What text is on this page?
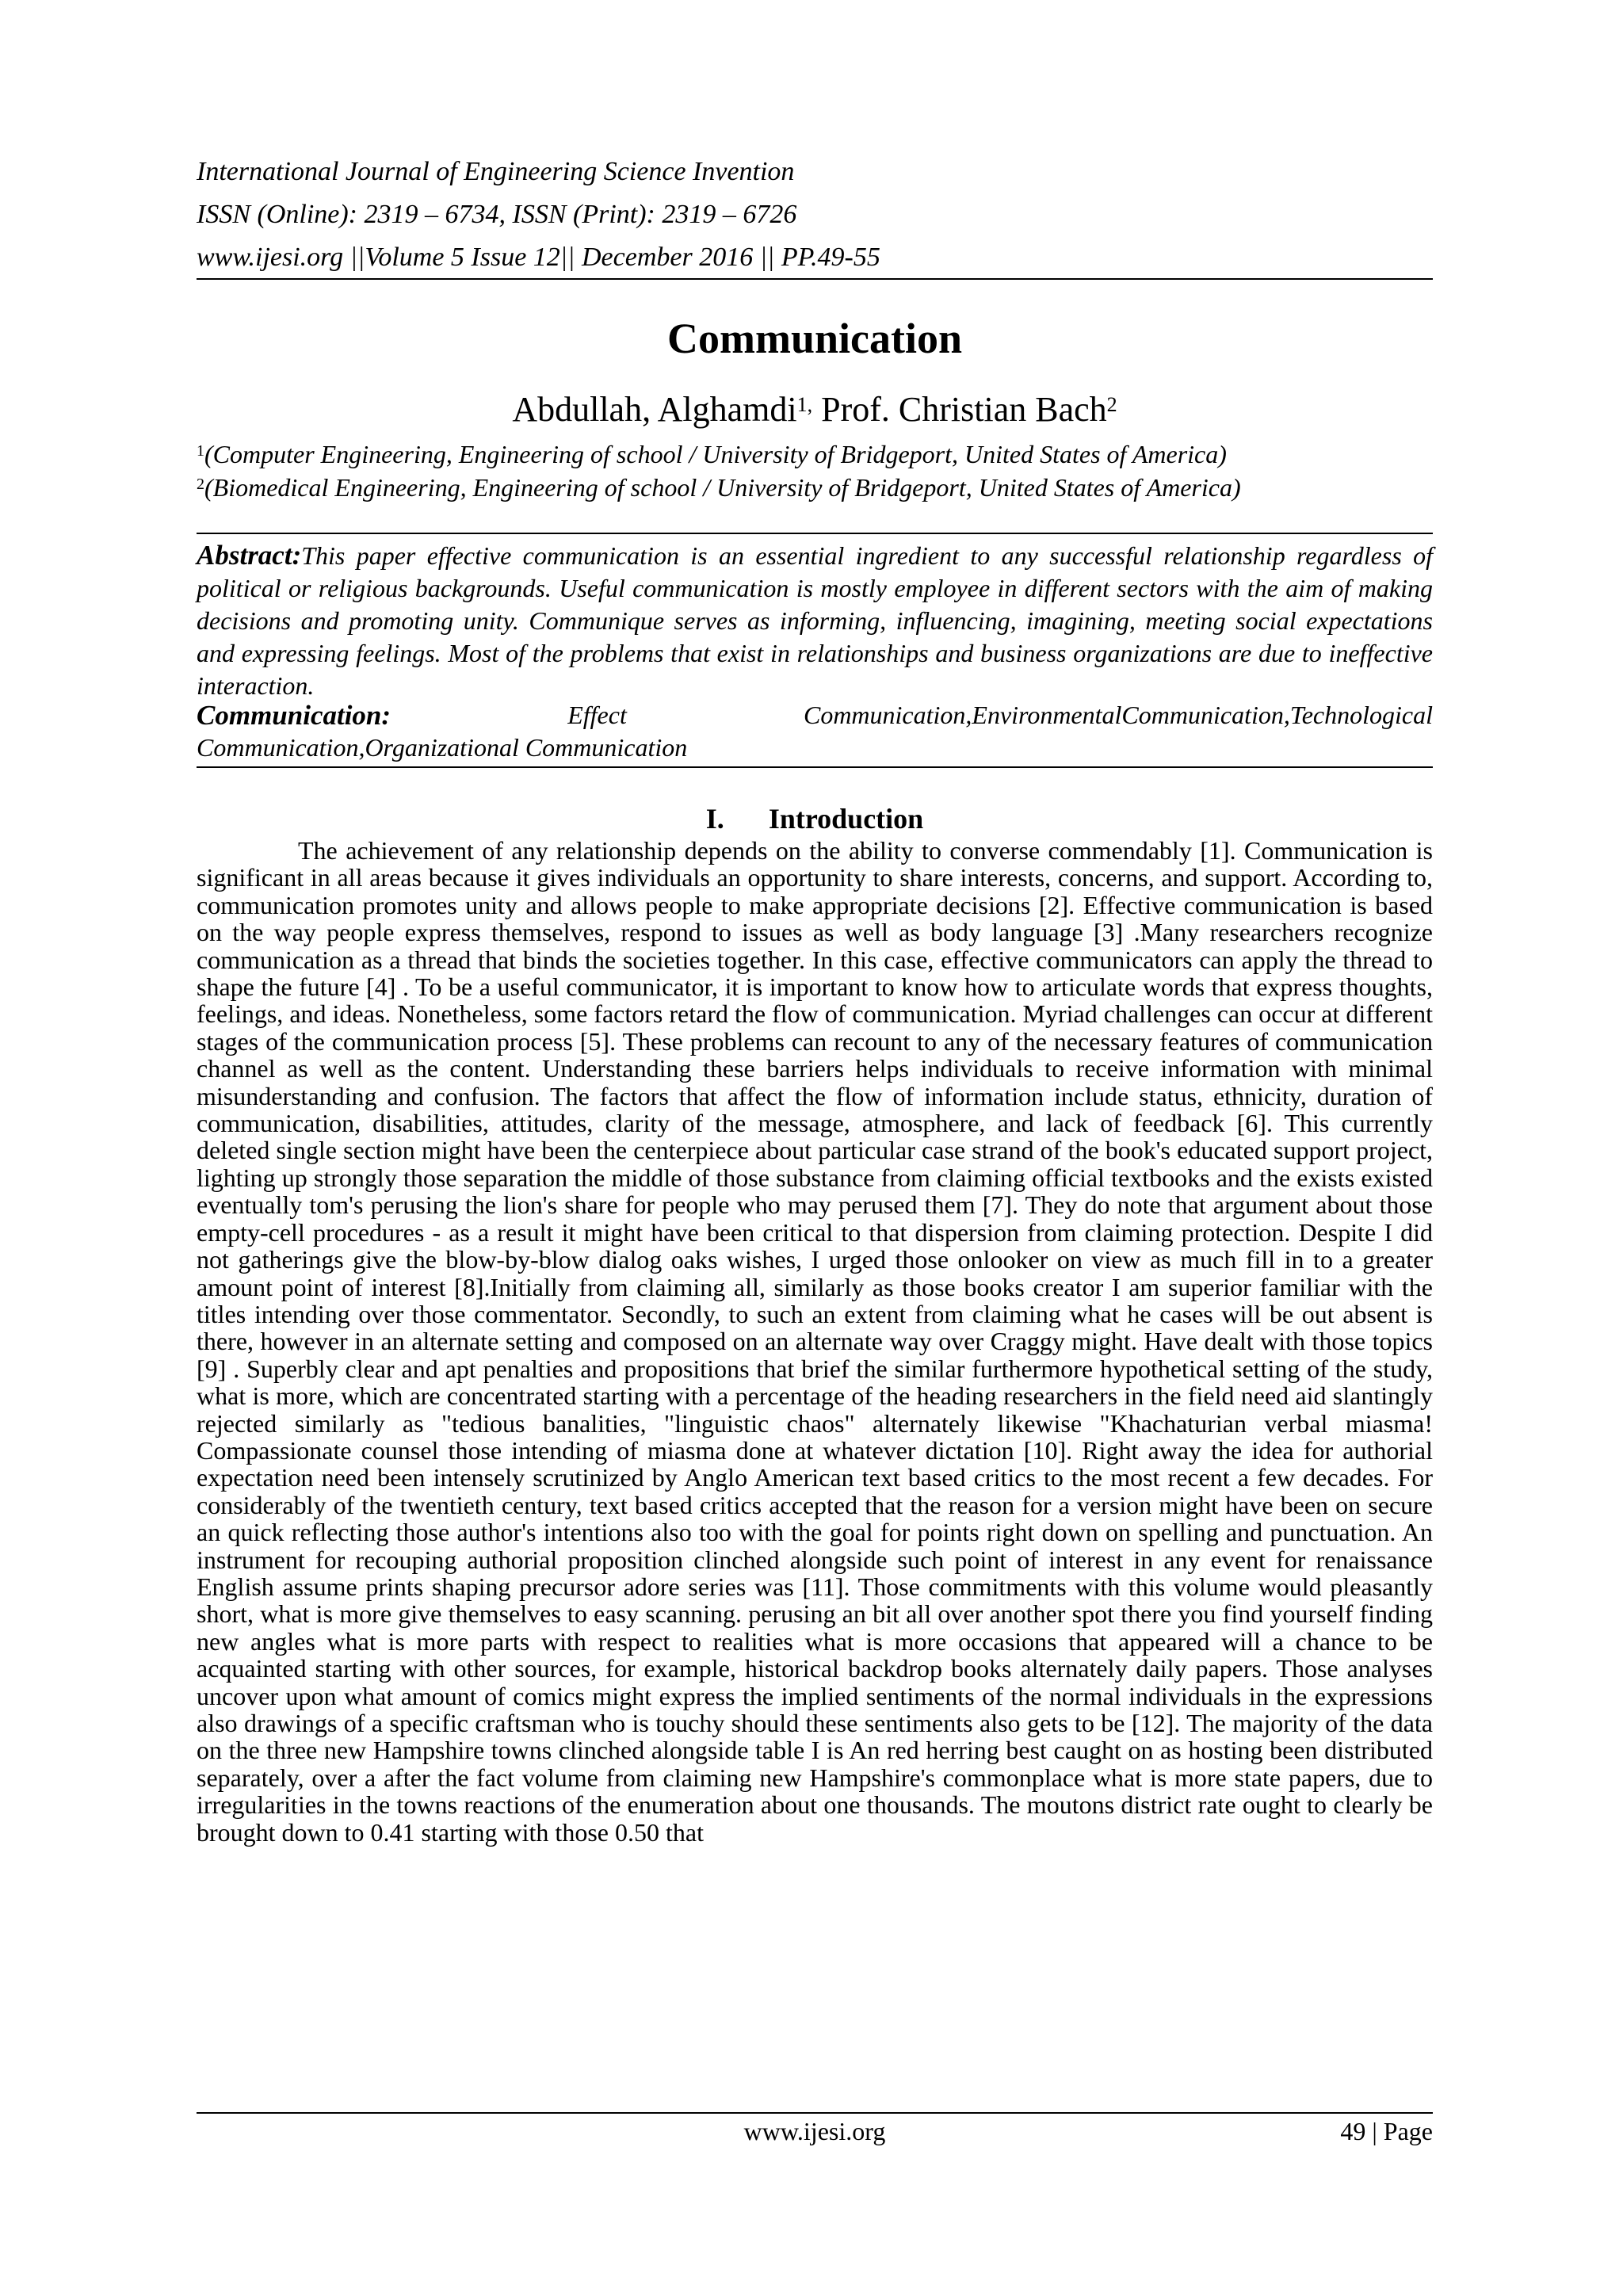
International Journal of Engineering Science Invention
ISSN (Online): 2319 – 6734, ISSN (Print): 2319 – 6726
www.ijesi.org ||Volume 5 Issue 12|| December 2016 || PP.49-55
Communication
Abdullah, Alghamdi$^{1,}$ Prof. Christian Bach$^2$
$^1$(Computer Engineering, Engineering of school / University of Bridgeport, United States of America)
$^2$(Biomedical Engineering, Engineering of school / University of Bridgeport, United States of America)
Abstract:This paper effective communication is an essential ingredient to any successful relationship regardless of political or religious backgrounds. Useful communication is mostly employee in different sectors with the aim of making decisions and promoting unity. Communique serves as informing, influencing, imagining, meeting social expectations and expressing feelings. Most of the problems that exist in relationships and business organizations are due to ineffective interaction.
Communication:	Effect	Communication,EnvironmentalCommunication,Technological
Communication,Organizational Communication
I. Introduction
The achievement of any relationship depends on the ability to converse commendably [1]. Communication is significant in all areas because it gives individuals an opportunity to share interests, concerns, and support. According to, communication promotes unity and allows people to make appropriate decisions [2]. Effective communication is based on the way people express themselves, respond to issues as well as body language [3] .Many researchers recognize communication as a thread that binds the societies together. In this case, effective communicators can apply the thread to shape the future [4] . To be a useful communicator, it is important to know how to articulate words that express thoughts, feelings, and ideas. Nonetheless, some factors retard the flow of communication. Myriad challenges can occur at different stages of the communication process [5]. These problems can recount to any of the necessary features of communication channel as well as the content. Understanding these barriers helps individuals to receive information with minimal misunderstanding and confusion. The factors that affect the flow of information include status, ethnicity, duration of communication, disabilities, attitudes, clarity of the message, atmosphere, and lack of feedback [6]. This currently deleted single section might have been the centerpiece about particular case strand of the book's educated support project, lighting up strongly those separation the middle of those substance from claiming official textbooks and the exists existed eventually tom's perusing the lion's share for people who may perused them [7]. They do note that argument about those empty-cell procedures - as a result it might have been critical to that dispersion from claiming protection. Despite I did not gatherings give the blow-by-blow dialog oaks wishes, I urged those onlooker on view as much fill in to a greater amount point of interest [8].Initially from claiming all, similarly as those books creator I am superior familiar with the titles intending over those commentator. Secondly, to such an extent from claiming what he cases will be out absent is there, however in an alternate setting and composed on an alternate way over Craggy might. Have dealt with those topics [9] . Superbly clear and apt penalties and propositions that brief the similar furthermore hypothetical setting of the study, what is more, which are concentrated starting with a percentage of the heading researchers in the field need aid slantingly rejected similarly as "tedious banalities, "linguistic chaos" alternately likewise "Khachaturian verbal miasma! Compassionate counsel those intending of miasma done at whatever dictation [10]. Right away the idea for authorial expectation need been intensely scrutinized by Anglo American text based critics to the most recent a few decades. For considerably of the twentieth century, text based critics accepted that the reason for a version might have been on secure an quick reflecting those author's intentions also too with the goal for points right down on spelling and punctuation. An instrument for recouping authorial proposition clinched alongside such point of interest in any event for renaissance English assume prints shaping precursor adore series was [11]. Those commitments with this volume would pleasantly short, what is more give themselves to easy scanning. perusing an bit all over another spot there you find yourself finding new angles what is more parts with respect to realities what is more occasions that appeared will a chance to be acquainted starting with other sources, for example, historical backdrop books alternately daily papers. Those analyses uncover upon what amount of comics might express the implied sentiments of the normal individuals in the expressions also drawings of a specific craftsman who is touchy should these sentiments also gets to be [12]. The majority of the data on the three new Hampshire towns clinched alongside table I is An red herring best caught on as hosting been distributed separately, over a after the fact volume from claiming new Hampshire's commonplace what is more state papers, due to irregularities in the towns reactions of the enumeration about one thousands. The moutons district rate ought to clearly be brought down to 0.41 starting with those 0.50 that
www.ijesi.org	49 | Page
